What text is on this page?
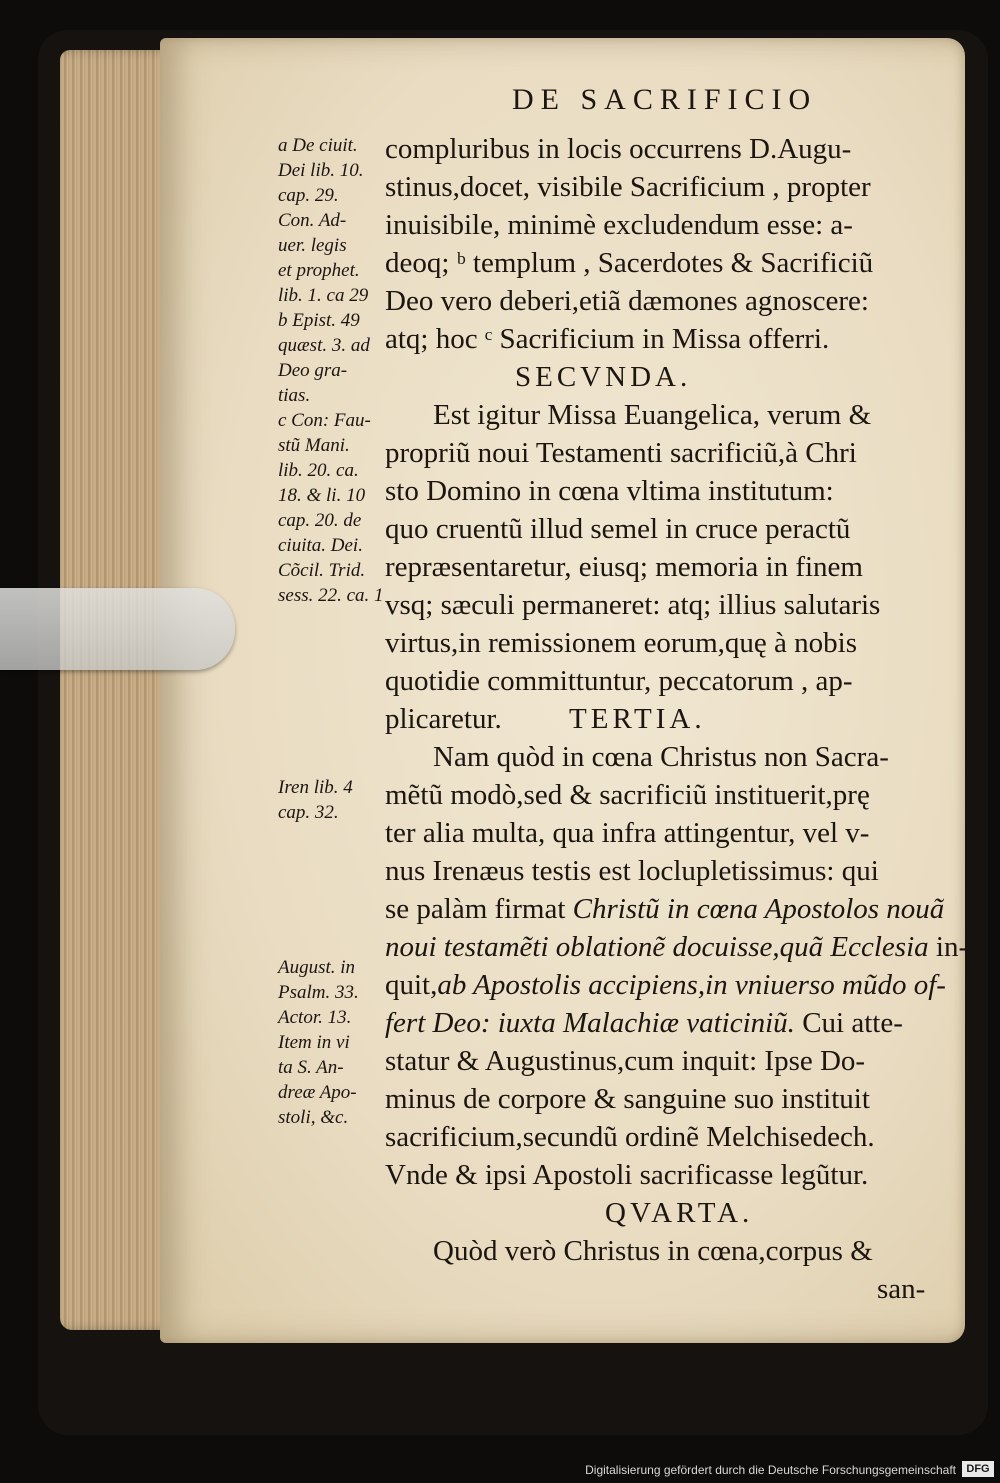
DE SACRIFICIO
compluribus in locis occurrens D.Augu-
stinus,docet, visibile Sacrificium , propter
inuisibile, minimè excludendum esse: a-
deoq; ᵇ templum , Sacerdotes & Sacrificiũ
Deo vero deberi,etiã dæmones agnoscere:
atq; hoc ᶜ Sacrificium in Missa offerri.
SECVNDA.
Est igitur Missa Euangelica, verum &
propriũ noui Testamenti sacrificiũ,à Chri
sto Domino in cœna vltima institutum:
quo cruentũ illud semel in cruce peractũ
repræsentaretur, eiusq; memoria in finem
vsq; sæculi permaneret: atq; illius salutaris
virtus,in remissionem eorum,quę à nobis
quotidie committuntur, peccatorum , ap-
plicaretur. TERTIA.
Nam quòd in cœna Christus non Sacra-
mẽtũ modò,sed & sacrificiũ instituerit,prę
ter alia multa, qua infra attingentur, vel v-
nus Irenæus testis est loclupletissimus: qui
se palàm firmat Christũ in cœna Apostolos nouã
noui testamẽti oblationẽ docuisse,quã Ecclesia in-
quit,ab Apostolis accipiens,in vniuerso mũdo of-
fert Deo: iuxta Malachiæ vaticiniũ. Cui atte-
statur & Augustinus,cum inquit: Ipse Do-
minus de corpore & sanguine suo instituit
sacrificium,secundũ ordinẽ Melchisedech.
Vnde & ipsi Apostoli sacrificasse legũtur.
QVARTA.
Quòd verò Christus in cœna,corpus &
san-
a De ciuit.
Dei lib. 10.
cap. 29.
Con. Ad-
uer. legis
et prophet.
lib. 1. ca 29
b Epist. 49
quæst. 3. ad
Deo gra-
tias.
c Con: Fau-
stũ Mani.
lib. 20. ca.
18. & li. 10
cap. 20. de
ciuita. Dei.
Cõcil. Trid.
sess. 22. ca. 1
Iren lib. 4
cap. 32.
August. in
Psalm. 33.
Actor. 13.
Item in vi
ta S. An-
dreæ Apo-
stoli, &c.
Digitalisierung gefördert durch die Deutsche Forschungsgemeinschaft DFG
